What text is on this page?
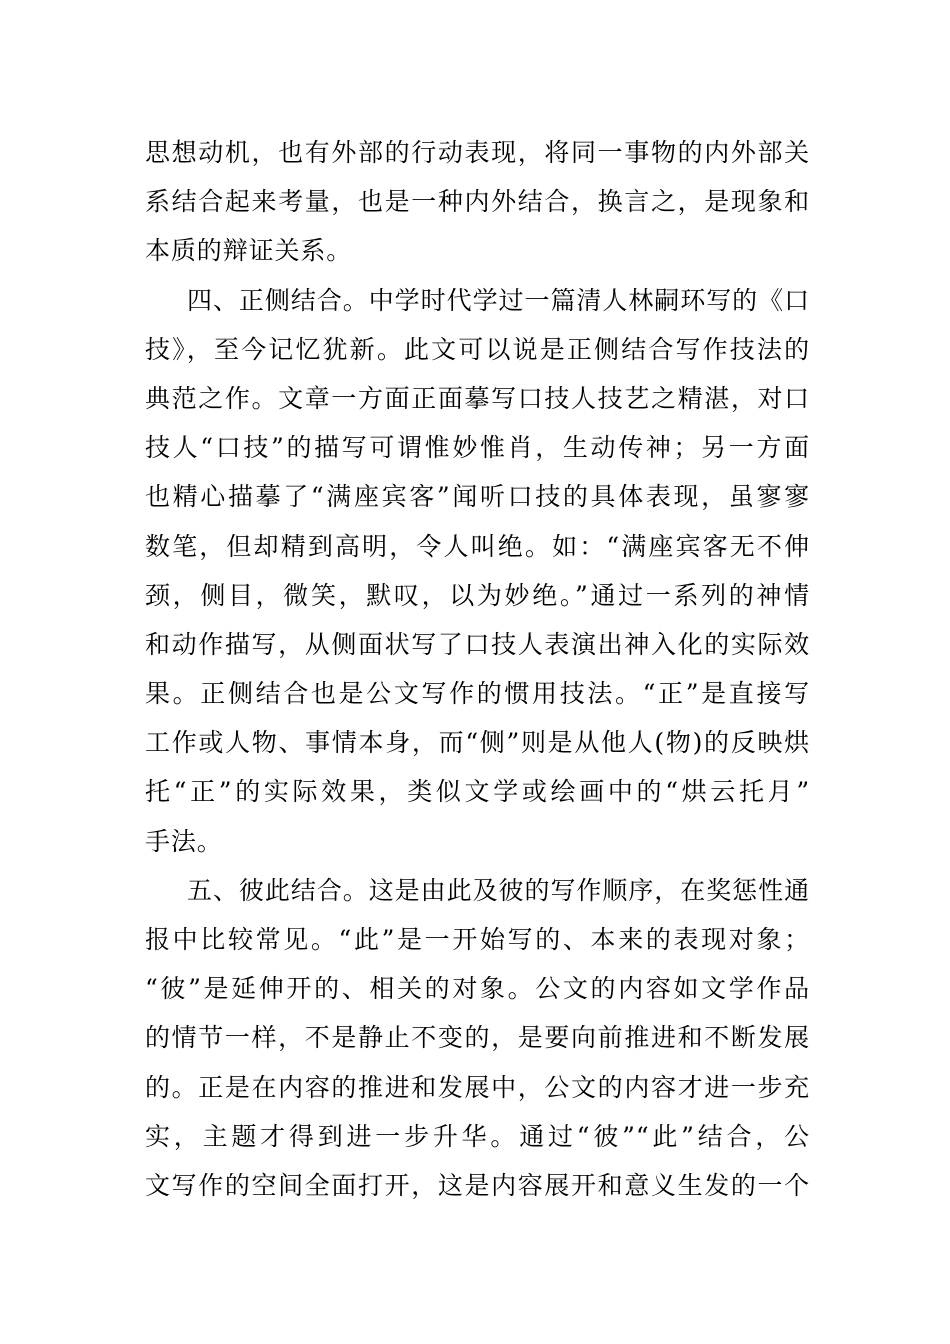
思想动机，也有外部的行动表现，将同一事物的内外部关
系结合起来考量，也是一种内外结合，换言之，是现象和
本质的辩证关系。
四、正侧结合。中学时代学过一篇清人林嗣环写的《口
技》，至今记忆犹新。此文可以说是正侧结合写作技法的
典范之作。文章一方面正面摹写口技人技艺之精湛，对口
技人“口技”的描写可谓惟妙惟肖，生动传神；另一方面
也精心描摹了“满座宾客”闻听口技的具体表现，虽寥寥
数笔，但却精到高明，令人叫绝。如：“满座宾客无不伸
颈，侧目，微笑，默叹，以为妙绝。”通过一系列的神情
和动作描写，从侧面状写了口技人表演出神入化的实际效
果。正侧结合也是公文写作的惯用技法。“正”是直接写
工作或人物、事情本身，而“侧”则是从他人(物)的反映烘
托“正”的实际效果，类似文学或绘画中的“烘云托月”
手法。
五、彼此结合。这是由此及彼的写作顺序，在奖惩性通
报中比较常见。“此”是一开始写的、本来的表现对象；
“彼”是延伸开的、相关的对象。公文的内容如文学作品
的情节一样，不是静止不变的，是要向前推进和不断发展
的。正是在内容的推进和发展中，公文的内容才进一步充
实，主题才得到进一步升华。通过“彼”“此”结合，公
文写作的空间全面打开，这是内容展开和意义生发的一个
